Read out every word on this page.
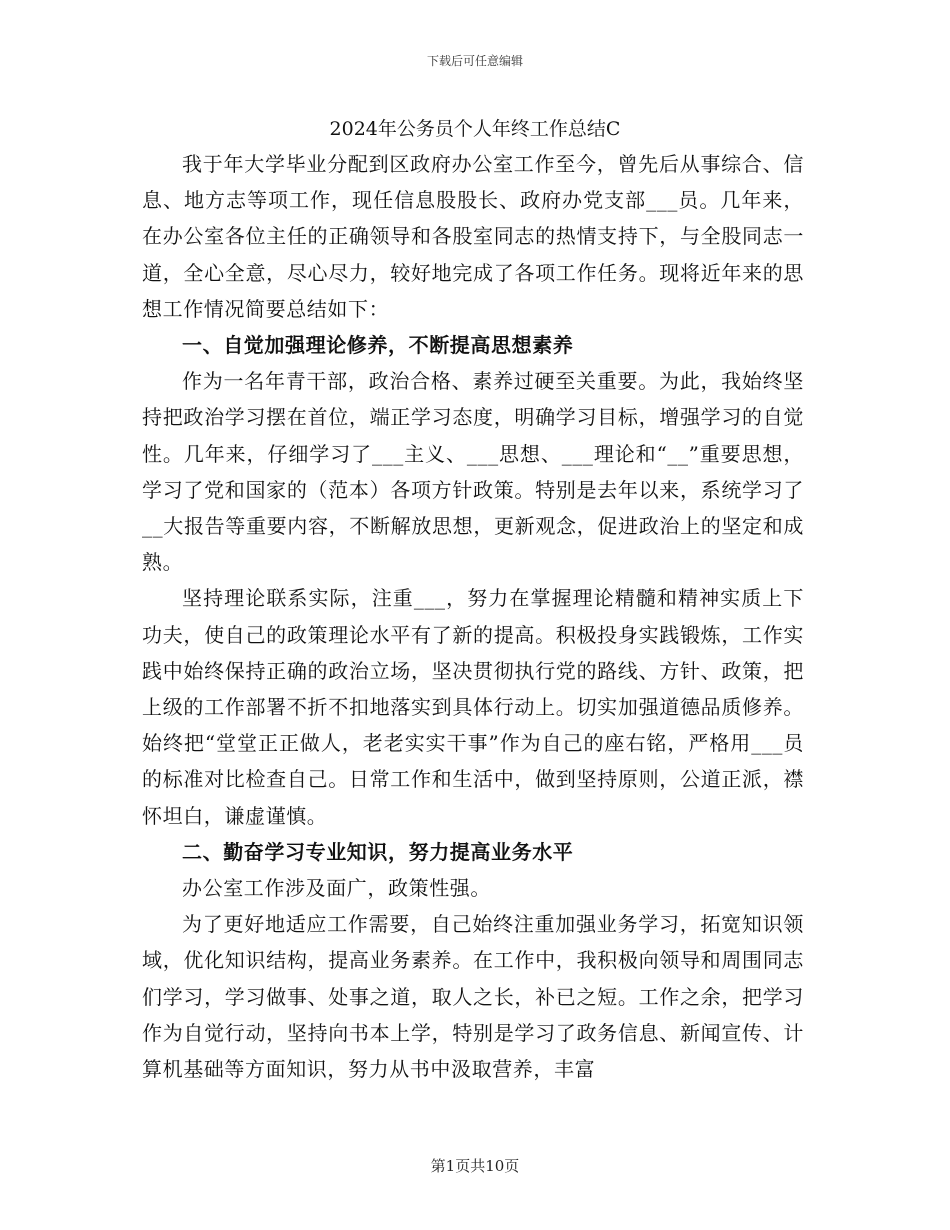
下载后可任意编辑
2024年公务员个人年终工作总结C

我于年大学毕业分配到区政府办公室工作至今，曾先后从事综合、信息、地方志等项工作，现任信息股股长、政府办党支部___员。几年来，在办公室各位主任的正确领导和各股室同志的热情支持下，与全股同志一道，全心全意，尽心尽力，较好地完成了各项工作任务。现将近年来的思想工作情况简要总结如下：

一、自觉加强理论修养，不断提高思想素养

作为一名年青干部，政治合格、素养过硬至关重要。为此，我始终坚持把政治学习摆在首位，端正学习态度，明确学习目标，增强学习的自觉性。几年来，仔细学习了___主义、___思想、___理论和“__”重要思想，学习了党和国家的（范本）各项方针政策。特别是去年以来，系统学习了__大报告等重要内容，不断解放思想，更新观念，促进政治上的坚定和成熟。

坚持理论联系实际，注重___，努力在掌握理论精髓和精神实质上下功夫，使自己的政策理论水平有了新的提高。积极投身实践锻炼，工作实践中始终保持正确的政治立场，坚决贯彻执行党的路线、方针、政策，把上级的工作部署不折不扣地落实到具体行动上。切实加强道德品质修养。始终把“堂堂正正做人，老老实实干事”作为自己的座右铭，严格用___员的标准对比检查自己。日常工作和生活中，做到坚持原则，公道正派，襟怀坦白，谦虚谨慎。

二、勤奋学习专业知识，努力提高业务水平

办公室工作涉及面广，政策性强。

为了更好地适应工作需要，自己始终注重加强业务学习，拓宽知识领域，优化知识结构，提高业务素养。在工作中，我积极向领导和周围同志们学习，学习做事、处事之道，取人之长，补已之短。工作之余，把学习作为自觉行动，坚持向书本上学，特别是学习了政务信息、新闻宣传、计算机基础等方面知识，努力从书中汲取营养，丰富

第1页共10页
